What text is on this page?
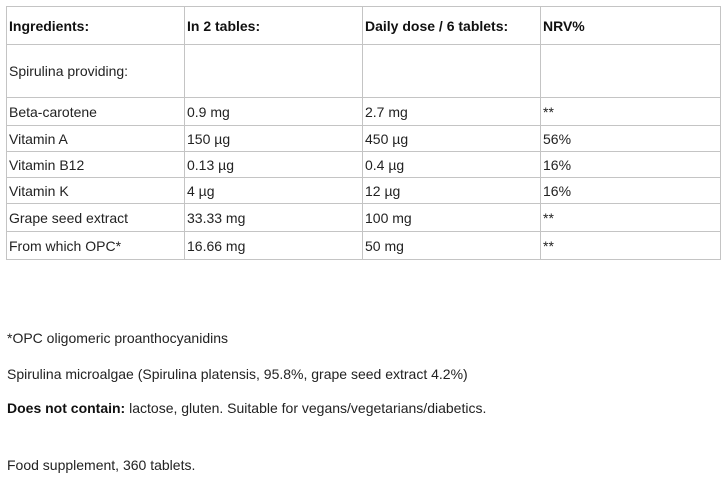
Ingredients:	In 2 tables:	Daily dose / 6 tablets:	NRV%
Spirulina providing:			
Beta-carotene	0.9 mg	2.7 mg	**
Vitamin A	150 µg	450 µg	56%
Vitamin B12	0.13 µg	0.4 µg	16%
Vitamin K	4 µg	12 µg	16%
Grape seed extract	33.33 mg	100 mg	**
From which OPC*	16.66 mg	50 mg	**

*OPC oligomeric proanthocyanidins

Spirulina microalgae (Spirulina platensis, 95.8%, grape seed extract 4.2%)

Does not contain: lactose, gluten. Suitable for vegans/vegetarians/diabetics.

Food supplement, 360 tablets.
